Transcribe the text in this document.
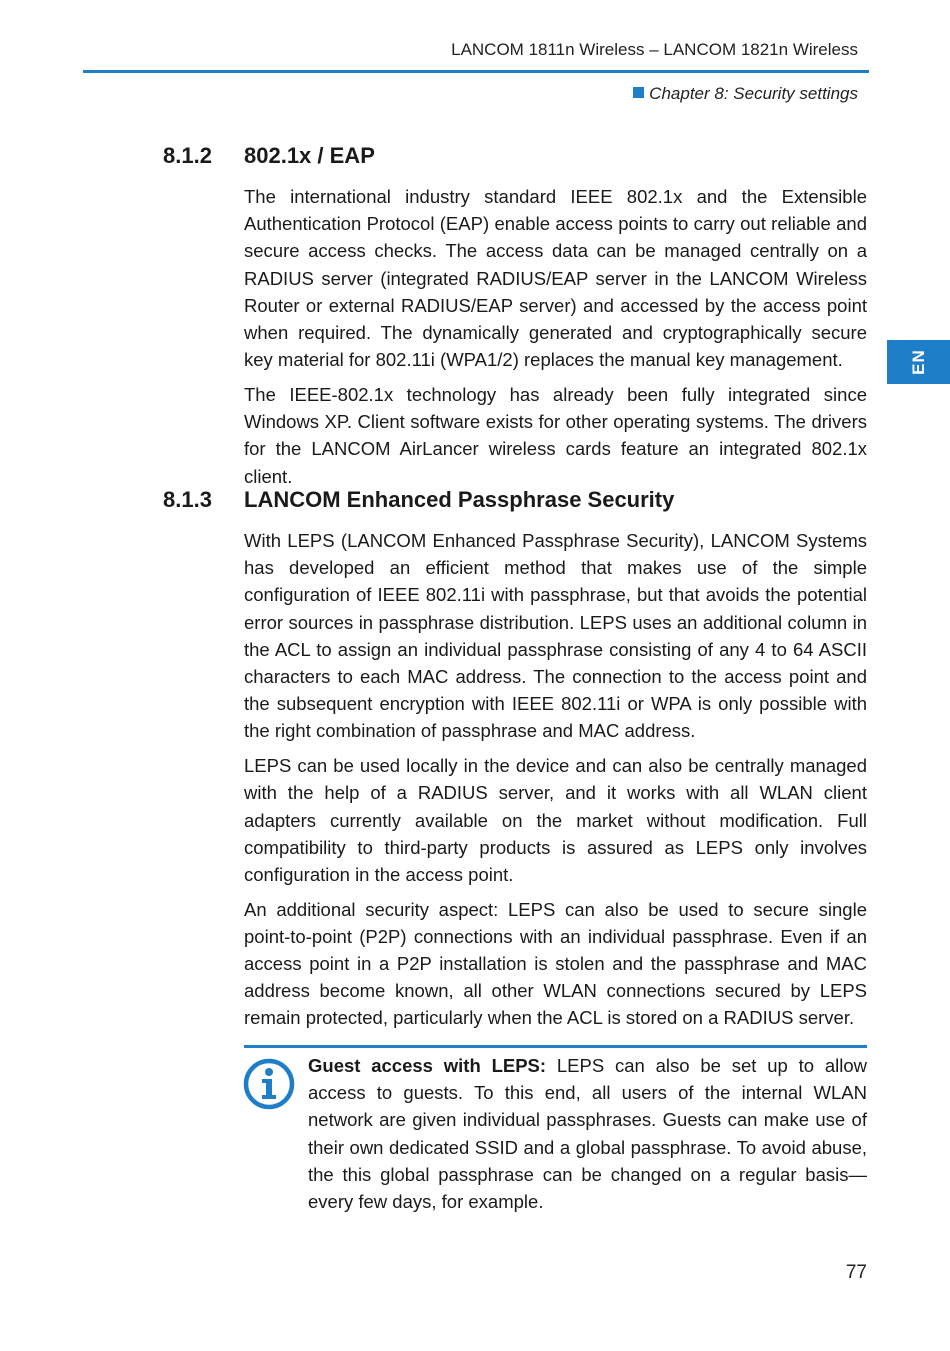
LANCOM 1811n Wireless – LANCOM 1821n Wireless
Chapter 8: Security settings
EN
8.1.2 802.1x / EAP

The international industry standard IEEE 802.1x and the Extensible Authentication Protocol (EAP) enable access points to carry out reliable and secure access checks. The access data can be managed centrally on a RADIUS server (integrated RADIUS/EAP server in the LANCOM Wireless Router or external RADIUS/EAP server) and accessed by the access point when required. The dynamically generated and cryptographically secure key material for 802.11i (WPA1/2) replaces the manual key management.

The IEEE‑802.1x technology has already been fully integrated since Windows XP. Client software exists for other operating systems. The drivers for the LANCOM AirLancer wireless cards feature an integrated 802.1x client.

8.1.3 LANCOM Enhanced Passphrase Security

With LEPS (LANCOM Enhanced Passphrase Security), LANCOM Systems has developed an efficient method that makes use of the simple configuration of IEEE 802.11i with passphrase, but that avoids the potential error sources in passphrase distribution. LEPS uses an additional column in the ACL to assign an individual passphrase consisting of any 4 to 64 ASCII characters to each MAC address. The connection to the access point and the subsequent encryption with IEEE 802.11i or WPA is only possible with the right combination of passphrase and MAC address.

LEPS can be used locally in the device and can also be centrally managed with the help of a RADIUS server, and it works with all WLAN client adapters currently available on the market without modification. Full compatibility to third‑party products is assured as LEPS only involves configuration in the access point.

An additional security aspect: LEPS can also be used to secure single point‑to‑point (P2P) connections with an individual passphrase. Even if an access point in a P2P installation is stolen and the passphrase and MAC address become known, all other WLAN connections secured by LEPS remain protected, particularly when the ACL is stored on a RADIUS server.

Guest access with LEPS: LEPS can also be set up to allow access to guests. To this end, all users of the internal WLAN network are given individual passphrases. Guests can make use of their own dedicated SSID and a global passphrase. To avoid abuse, the this global passphrase can be changed on a regular basis—every few days, for example.
77
